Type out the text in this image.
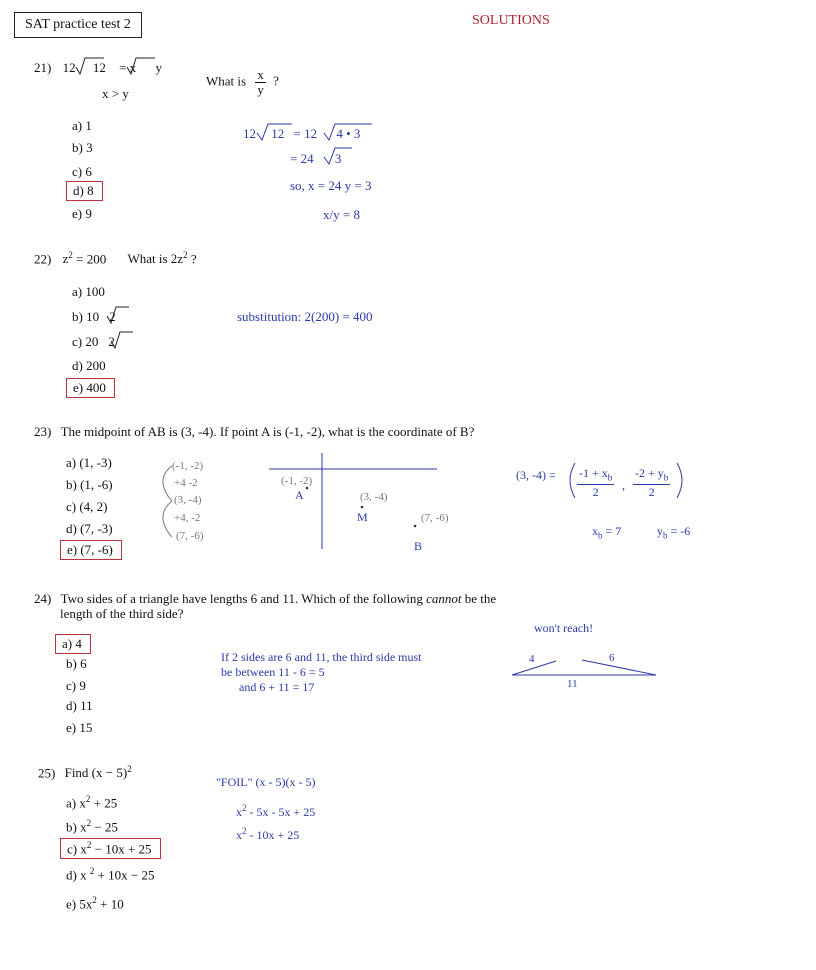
SAT practice test 2	SOLUTIONS
21) 12 12 = x y
x > y
What is $\frac{x}{y}$ ?
a) 1
b) 3
c) 6
d) 8
e) 9
12 12 = 12 4 • 3
= 24 3
so, x = 24 y = 3
x/y = 8
22) $z^2 = 200$ What is $2z^2$ ?
a) 100
b) 10 2
c) 20 2
d) 200
e) 400
substitution: 2(200) = 400
23) The midpoint of AB is (3, -4). If point A is (-1, -2), what is the coordinate of B?
a) (1, -3)
b) (1, -6)
c) (4, 2)
d) (7, -3)
e) (7, -6)
(-1, -2)
+4 -2
(3, -4)
+4, -2
(7, -6)
(-1, -2)
A	(3, -4)
M	(7, -6)
B
(3, $-4) = \frac{-1 + x_b}{2}$ , $\frac{-2 + y_b}{2}$
$x_b = 7$	$y_b = -6$
24) Two sides of a triangle have lengths 6 and 11. Which of the following cannot be the
length of the third side?
a) 4
b) 6
c) 9
d) 11
e) 15
If 2 sides are 6 and 11, the third side must
be between 11 - 6 = 5
and 6 + 11 = 17
won't reach!
4	6
11
25) Find $(x - 5)^2$
a) $x^2 + 25$
b) $x^2 - 25$
c) $x^2 - 10x + 25$
d) x $^2$ + 10x − 25
e) $5x^2 + 10$
"FOIL" (x - 5)(x - 5)
$x^2 - 5x - 5x + 25$
$x^2 - 10x + 25$
